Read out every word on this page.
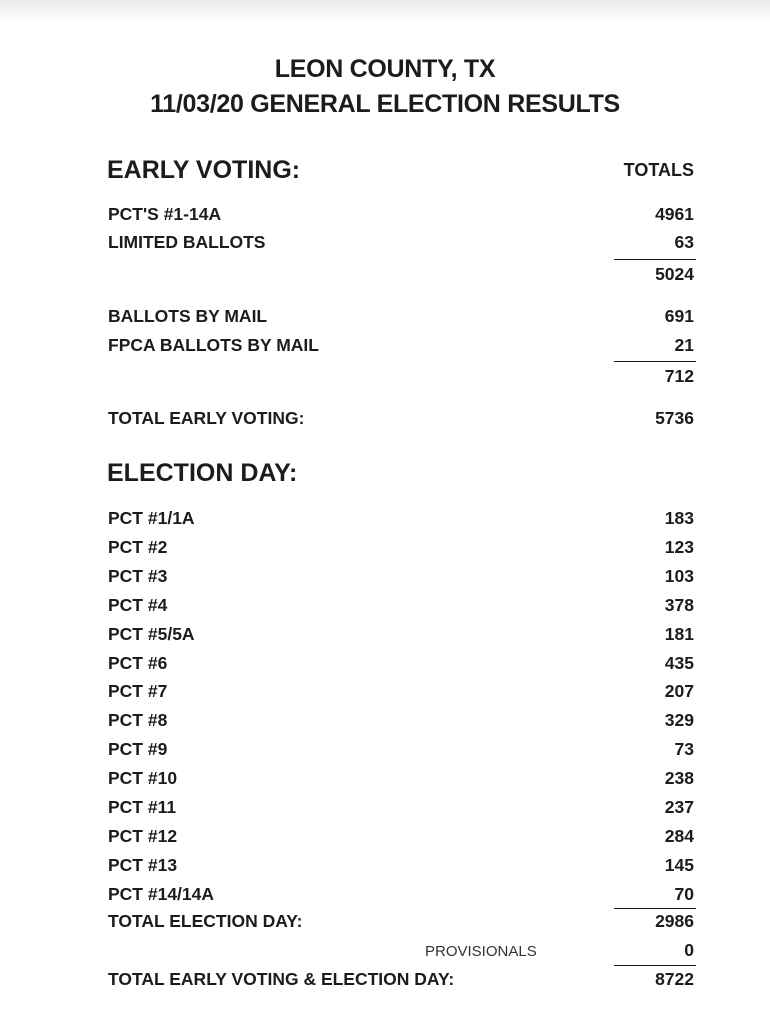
LEON COUNTY, TX
11/03/20 GENERAL ELECTION RESULTS
EARLY VOTING:	TOTALS
PCT'S #1-14A	4961
LIMITED BALLOTS	63
5024
BALLOTS BY MAIL	691
FPCA BALLOTS BY MAIL	21
712
TOTAL EARLY VOTING:	5736
ELECTION DAY:
PCT #1/1A	183
PCT #2	123
PCT #3	103
PCT #4	378
PCT #5/5A	181
PCT #6	435
PCT #7	207
PCT #8	329
PCT #9	73
PCT #10	238
PCT #11	237
PCT #12	284
PCT #13	145
PCT #14/14A	70
TOTAL ELECTION DAY:	2986
PROVISIONALS	0
TOTAL EARLY VOTING & ELECTION DAY:	8722
